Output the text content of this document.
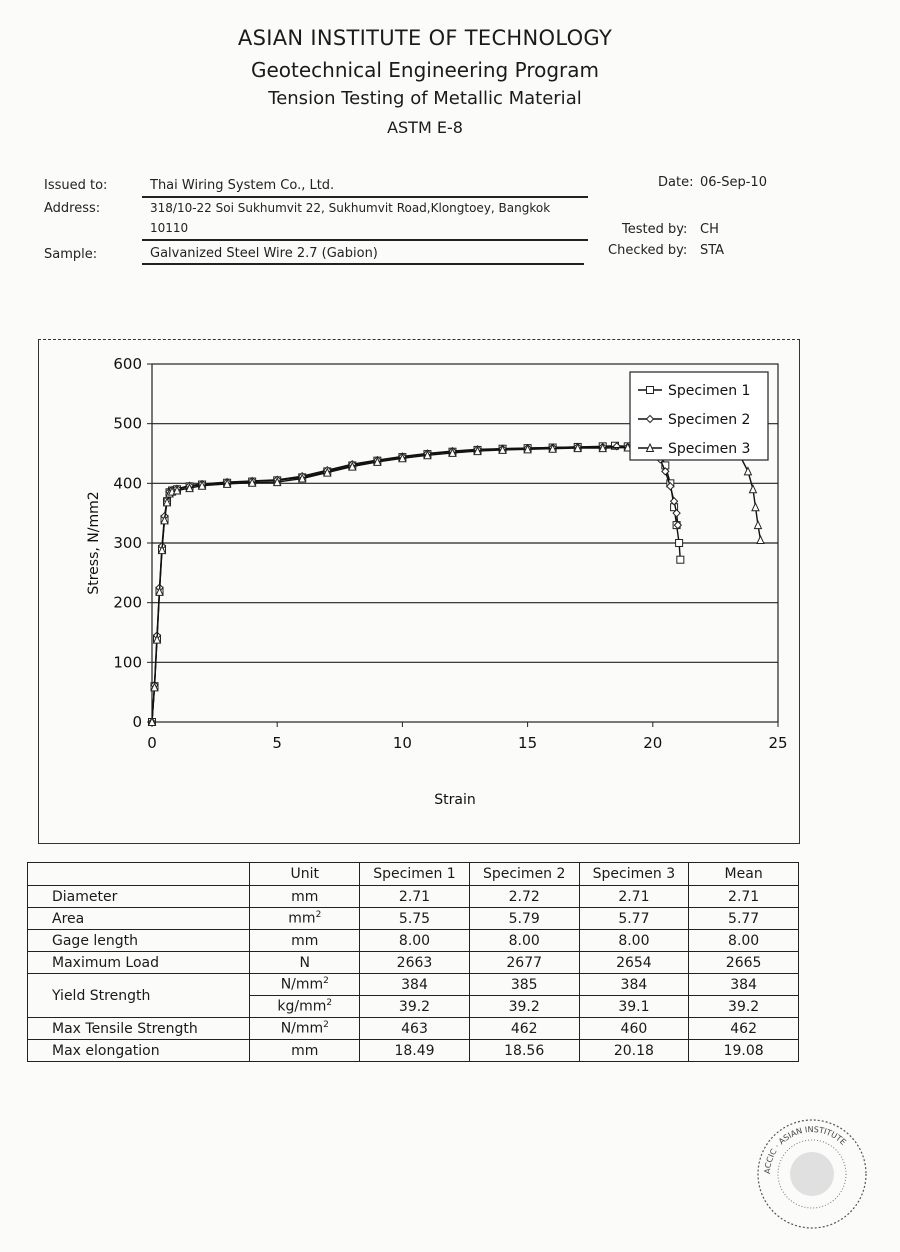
ASIAN INSTITUTE OF TECHNOLOGY
Geotechnical Engineering Program
Tension Testing of Metallic Material
ASTM E-8
Issued to:	Thai Wiring System Co., Ltd.
Address:	318/10-22 Soi Sukhumvit 22, Sukhumvit Road,Klongtoey, Bangkok
10110
Sample:	Galvanized Steel Wire 2.7 (Gabion)
Date: 06-Sep-10
Tested by: CH
Checked by: STA
0
100
200
300
400
500
600
0	5	10	15	20	25
Strain
Stress, N/mm2
Specimen 1
Specimen 2
Specimen 3
	Unit	Specimen 1	Specimen 2	Specimen 3	Mean
Diameter	mm	2.71	2.72	2.71	2.71
Area	$mm^2$	5.75	5.79	5.77	5.77
Gage length	mm	8.00	8.00	8.00	8.00
Maximum Load	N	2663	2677	2654	2665
Yield Strength	$N/mm^2$	384	385	384	384
	$kg/mm^2$	39.2	39.2	39.1	39.2
Max Tensile Strength	$N/mm^2$	463	462	460	462
Max elongation	mm	18.49	18.56	20.18	19.08
ACCIC · ASIAN INSTITUTE
